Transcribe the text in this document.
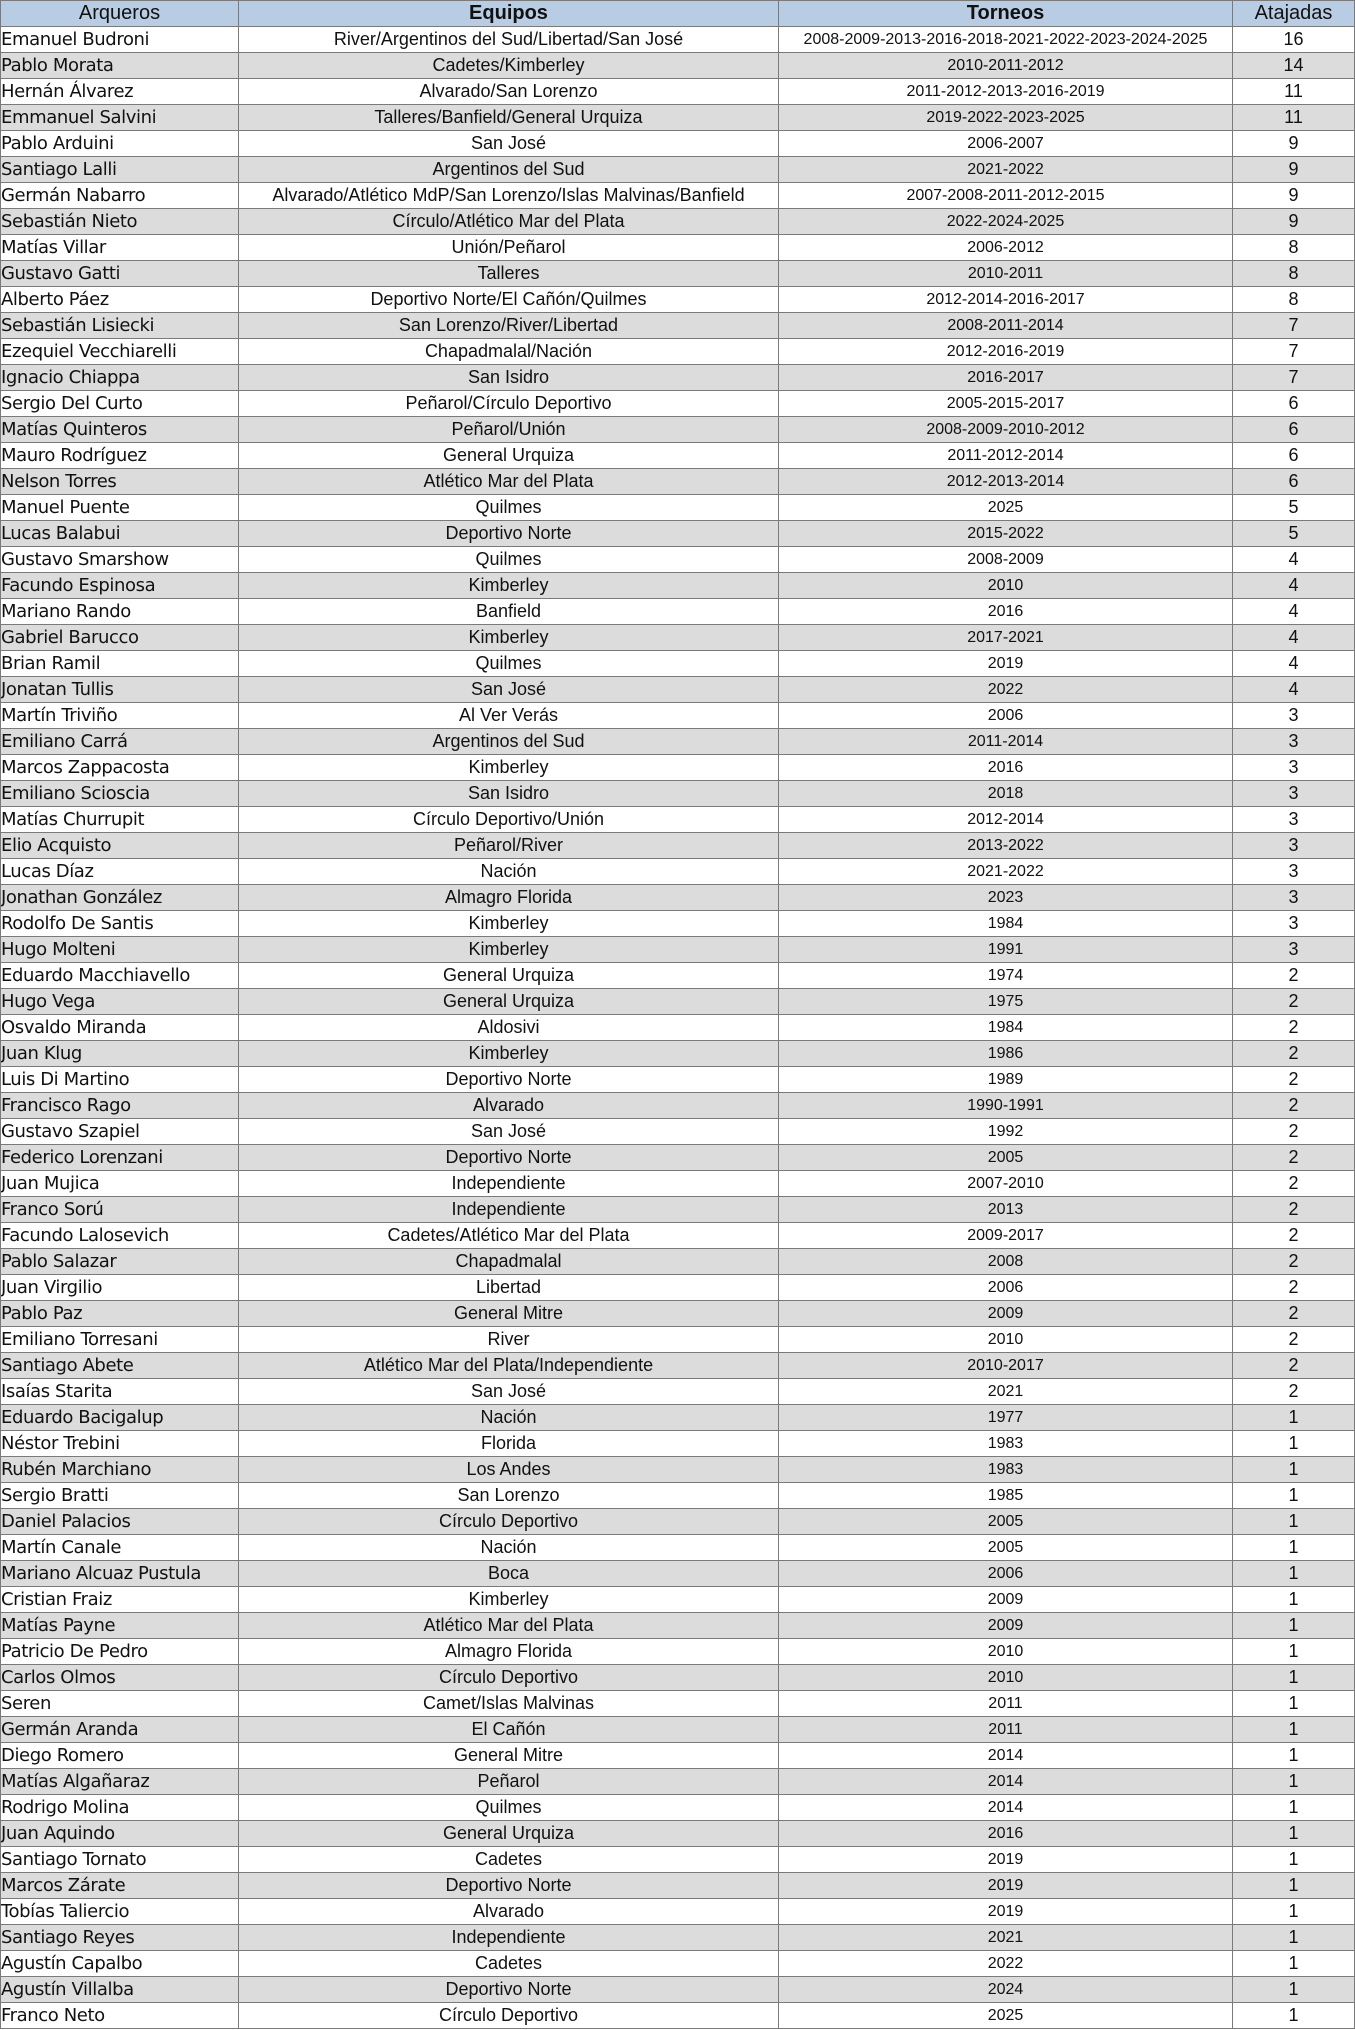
Arqueros	Equipos	Torneos	Atajadas
Emanuel Budroni	River/Argentinos del Sud/Libertad/San José	2008-2009-2013-2016-2018-2021-2022-2023-2024-2025	16
Pablo Morata	Cadetes/Kimberley	2010-2011-2012	14
Hernán Álvarez	Alvarado/San Lorenzo	2011-2012-2013-2016-2019	11
Emmanuel Salvini	Talleres/Banfield/General Urquiza	2019-2022-2023-2025	11
Pablo Arduini	San José	2006-2007	9
Santiago Lalli	Argentinos del Sud	2021-2022	9
Germán Nabarro	Alvarado/Atlético MdP/San Lorenzo/Islas Malvinas/Banfield	2007-2008-2011-2012-2015	9
Sebastián Nieto	Círculo/Atlético Mar del Plata	2022-2024-2025	9
Matías Villar	Unión/Peñarol	2006-2012	8
Gustavo Gatti	Talleres	2010-2011	8
Alberto Páez	Deportivo Norte/El Cañón/Quilmes	2012-2014-2016-2017	8
Sebastián Lisiecki	San Lorenzo/River/Libertad	2008-2011-2014	7
Ezequiel Vecchiarelli	Chapadmalal/Nación	2012-2016-2019	7
Ignacio Chiappa	San Isidro	2016-2017	7
Sergio Del Curto	Peñarol/Círculo Deportivo	2005-2015-2017	6
Matías Quinteros	Peñarol/Unión	2008-2009-2010-2012	6
Mauro Rodríguez	General Urquiza	2011-2012-2014	6
Nelson Torres	Atlético Mar del Plata	2012-2013-2014	6
Manuel Puente	Quilmes	2025	5
Lucas Balabui	Deportivo Norte	2015-2022	5
Gustavo Smarshow	Quilmes	2008-2009	4
Facundo Espinosa	Kimberley	2010	4
Mariano Rando	Banfield	2016	4
Gabriel Barucco	Kimberley	2017-2021	4
Brian Ramil	Quilmes	2019	4
Jonatan Tullis	San José	2022	4
Martín Triviño	Al Ver Verás	2006	3
Emiliano Carrá	Argentinos del Sud	2011-2014	3
Marcos Zappacosta	Kimberley	2016	3
Emiliano Sciosсia	San Isidro	2018	3
Matías Churrupit	Círculo Deportivo/Unión	2012-2014	3
Elio Acquisto	Peñarol/River	2013-2022	3
Lucas Díaz	Nación	2021-2022	3
Jonathan González	Almagro Florida	2023	3
Rodolfo De Santis	Kimberley	1984	3
Hugo Molteni	Kimberley	1991	3
Eduardo Macchiavello	General Urquiza	1974	2
Hugo Vega	General Urquiza	1975	2
Osvaldo Miranda	Aldosivi	1984	2
Juan Klug	Kimberley	1986	2
Luis Di Martino	Deportivo Norte	1989	2
Francisco Rago	Alvarado	1990-1991	2
Gustavo Szapiel	San José	1992	2
Federico Lorenzani	Deportivo Norte	2005	2
Juan Mujica	Independiente	2007-2010	2
Franco Sorú	Independiente	2013	2
Facundo Lalosevich	Cadetes/Atlético Mar del Plata	2009-2017	2
Pablo Salazar	Chapadmalal	2008	2
Juan Virgilio	Libertad	2006	2
Pablo Paz	General Mitre	2009	2
Emiliano Torresani	River	2010	2
Santiago Abete	Atlético Mar del Plata/Independiente	2010-2017	2
Isaías Starita	San José	2021	2
Eduardo Bacigalup	Nación	1977	1
Néstor Trebini	Florida	1983	1
Rubén Marchiano	Los Andes	1983	1
Sergio Bratti	San Lorenzo	1985	1
Daniel Palacios	Círculo Deportivo	2005	1
Martín Canale	Nación	2005	1
Mariano Alcuaz Pustula	Boca	2006	1
Cristian Fraiz	Kimberley	2009	1
Matías Payne	Atlético Mar del Plata	2009	1
Patricio De Pedro	Almagro Florida	2010	1
Carlos Olmos	Círculo Deportivo	2010	1
Seren	Camet/Islas Malvinas	2011	1
Germán Aranda	El Cañón	2011	1
Diego Romero	General Mitre	2014	1
Matías Algañaraz	Peñarol	2014	1
Rodrigo Molina	Quilmes	2014	1
Juan Aquindo	General Urquiza	2016	1
Santiago Tornato	Cadetes	2019	1
Marcos Zárate	Deportivo Norte	2019	1
Tobías Taliercio	Alvarado	2019	1
Santiago Reyes	Independiente	2021	1
Agustín Capalbo	Cadetes	2022	1
Agustín Villalba	Deportivo Norte	2024	1
Franco Neto	Círculo Deportivo	2025	1
